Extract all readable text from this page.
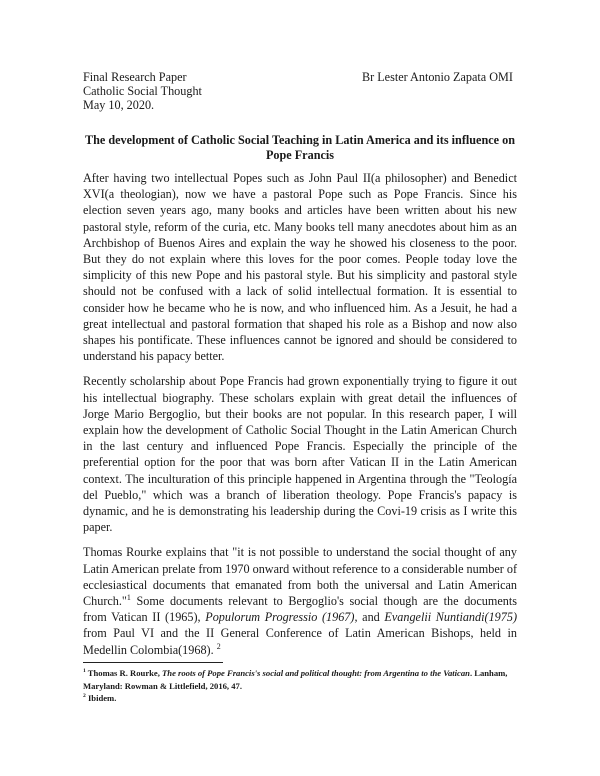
Final Research Paper
Catholic Social Thought
May 10, 2020.
Br Lester Antonio Zapata OMI
The development of Catholic Social Teaching in Latin America and its influence on Pope Francis

After having two intellectual Popes such as John Paul II(a philosopher) and Benedict XVI(a theologian), now we have a pastoral Pope such as Pope Francis. Since his election seven years ago, many books and articles have been written about his new pastoral style, reform of the curia, etc. Many books tell many anecdotes about him as an Archbishop of Buenos Aires and explain the way he showed his closeness to the poor. But they do not explain where this loves for the poor comes. People today love the simplicity of this new Pope and his pastoral style. But his simplicity and pastoral style should not be confused with a lack of solid intellectual formation. It is essential to consider how he became who he is now, and who influenced him. As a Jesuit, he had a great intellectual and pastoral formation that shaped his role as a Bishop and now also shapes his pontificate. These influences cannot be ignored and should be considered to understand his papacy better.

Recently scholarship about Pope Francis had grown exponentially trying to figure it out his intellectual biography. These scholars explain with great detail the influences of Jorge Mario Bergoglio, but their books are not popular. In this research paper, I will explain how the development of Catholic Social Thought in the Latin American Church in the last century and influenced Pope Francis. Especially the principle of the preferential option for the poor that was born after Vatican II in the Latin American context. The inculturation of this principle happened in Argentina through the "Teología del Pueblo," which was a branch of liberation theology. Pope Francis's papacy is dynamic, and he is demonstrating his leadership during the Covi-19 crisis as I write this paper.

Thomas Rourke explains that "it is not possible to understand the social thought of any Latin American prelate from 1970 onward without reference to a considerable number of ecclesiastical documents that emanated from both the universal and Latin American Church."$^1$ Some documents relevant to Bergoglio's social though are the documents from Vatican II (1965), Populorum Progressio (1967), and Evangelii Nuntiandi(1975) from Paul VI and the II General Conference of Latin American Bishops, held in Medellin Colombia(1968). $^2$

$^1$ Thomas R. Rourke, The roots of Pope Francis's social and political thought: from Argentina to the Vatican. Lanham, Maryland: Rowman & Littlefield, 2016, 47.

$^2$ Ibidem.
